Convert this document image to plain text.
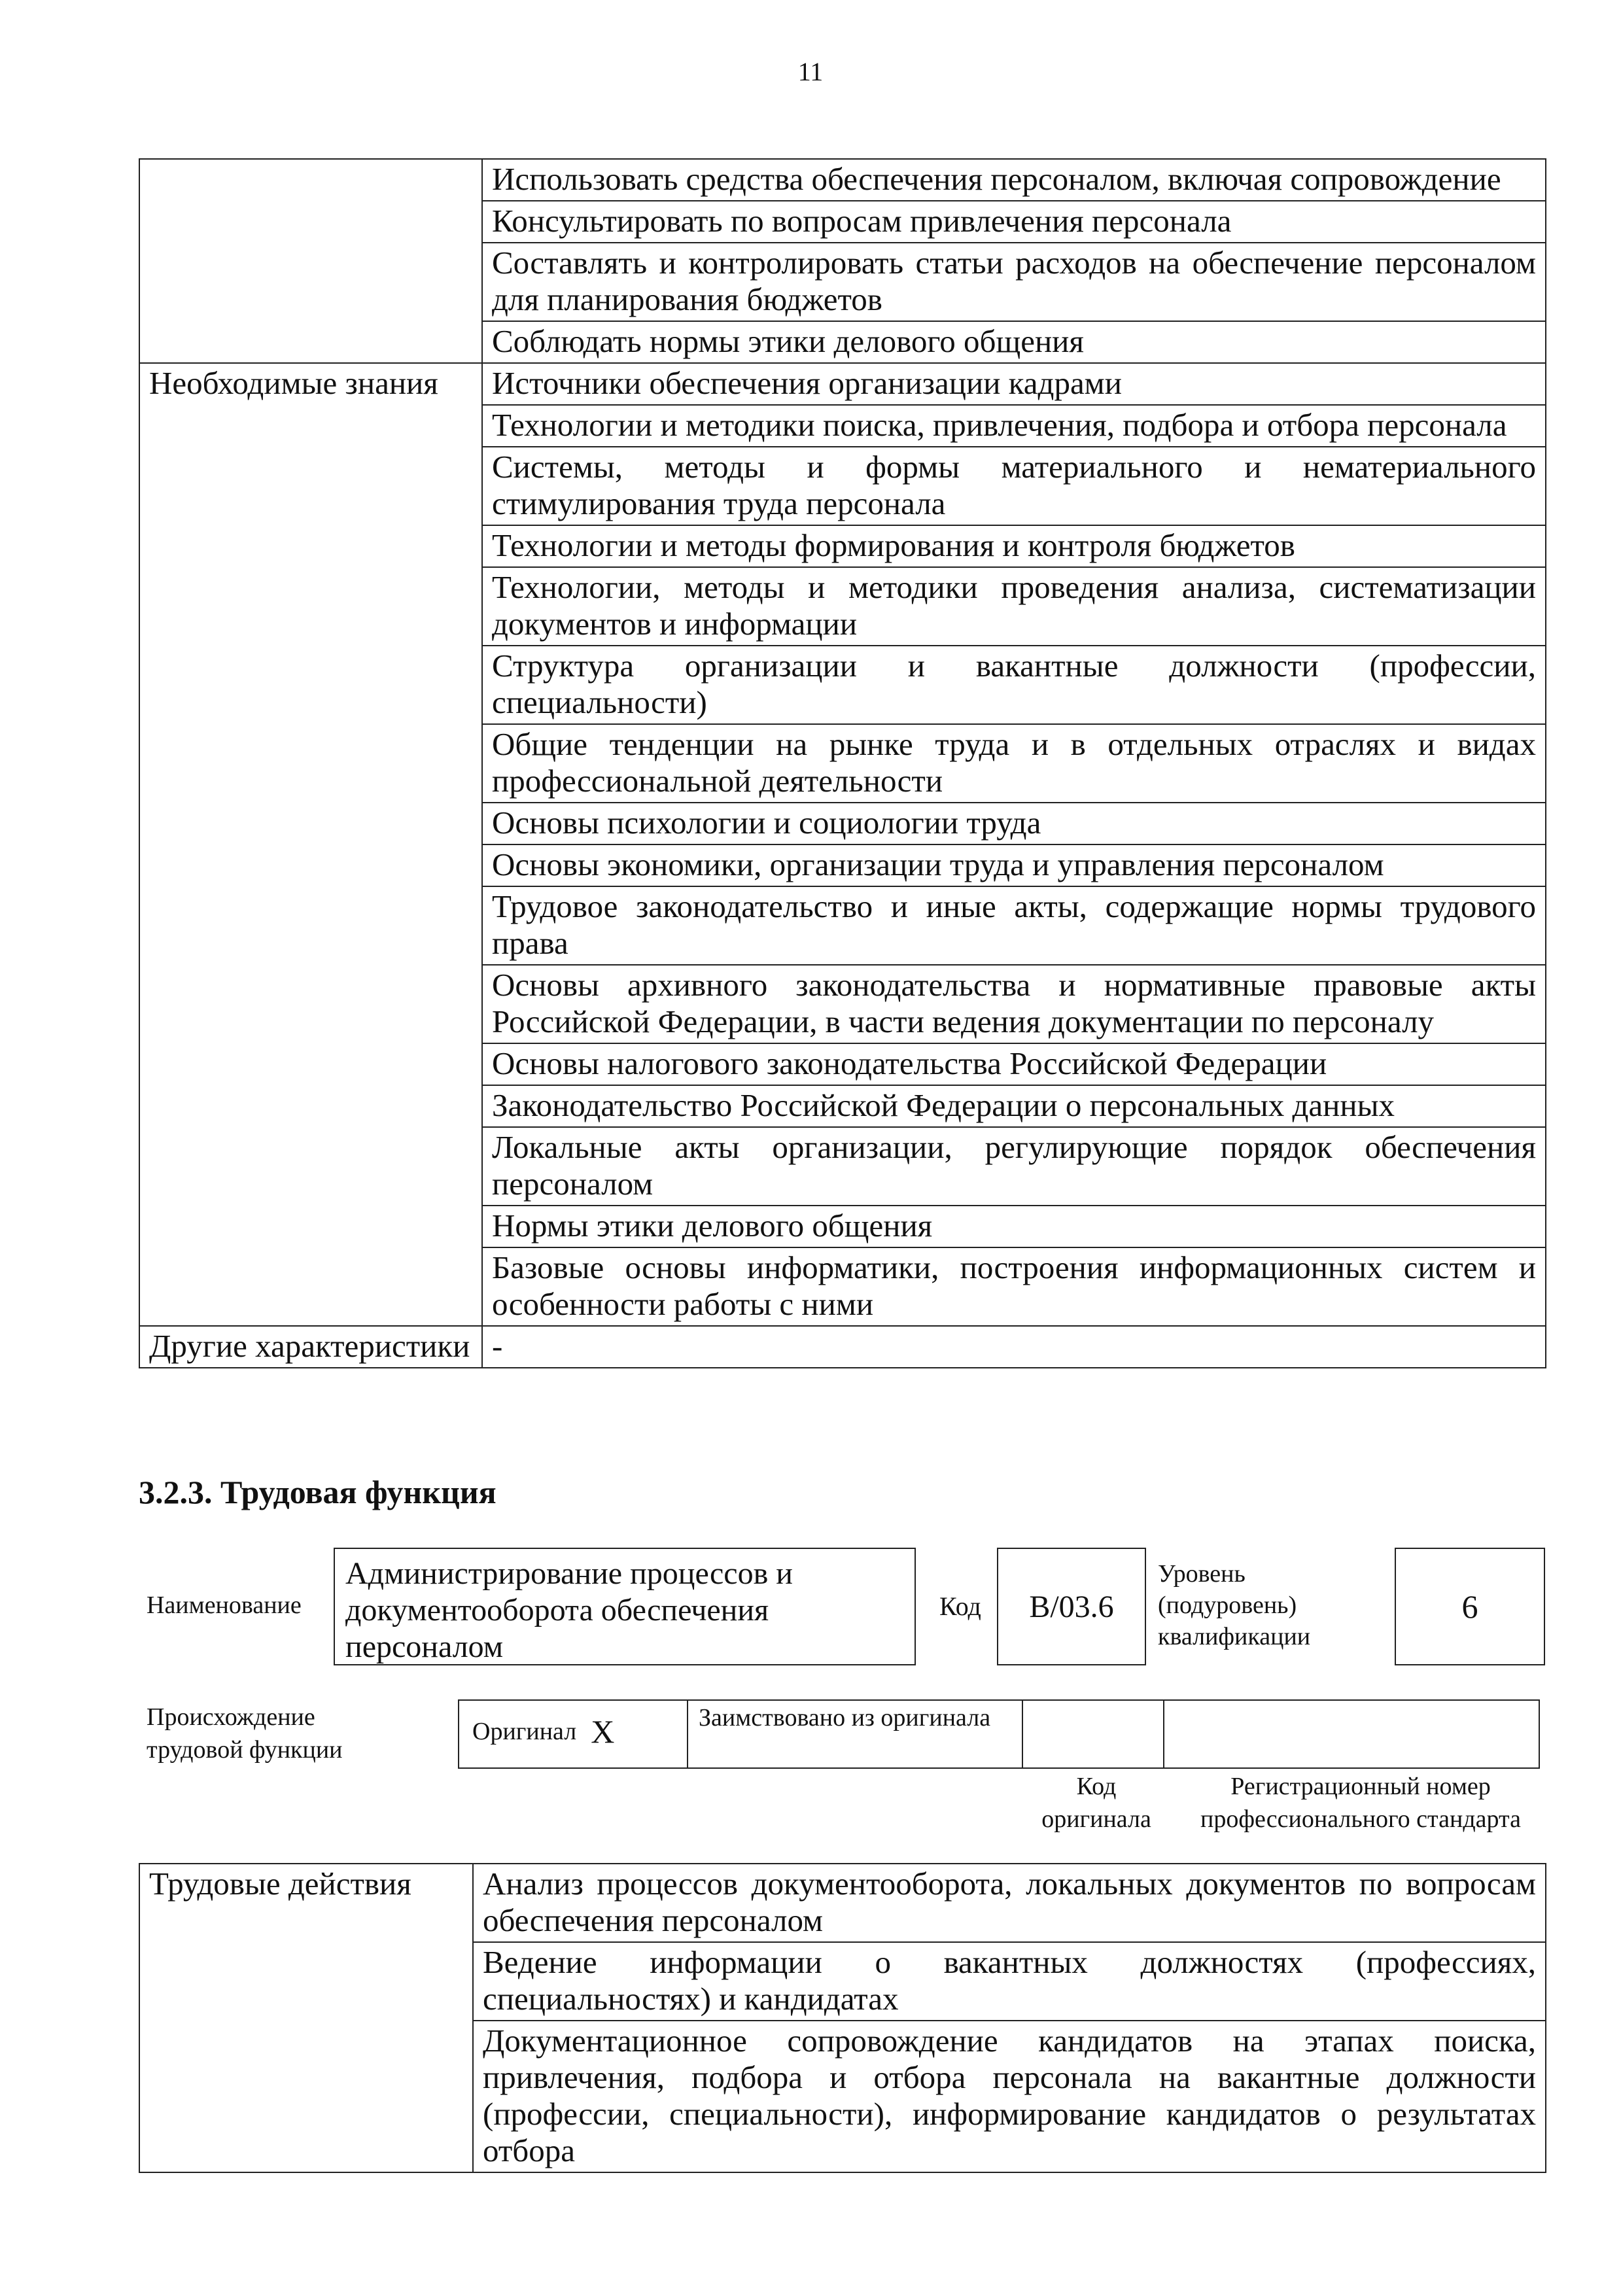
11
	Использовать средства обеспечения персоналом, включая сопровождение
	Консультировать по вопросам привлечения персонала
	Составлять и контролировать статьи расходов на обеспечение персоналом для планирования бюджетов
	Соблюдать нормы этики делового общения
Необходимые знания	Источники обеспечения организации кадрами
	Технологии и методики поиска, привлечения, подбора и отбора персонала
	Системы, методы и формы материального и нематериального стимулирования труда персонала
	Технологии и методы формирования и контроля бюджетов
	Технологии, методы и методики проведения анализа, систематизации документов и информации
	Структура организации и вакантные должности (профессии, специальности)
	Общие тенденции на рынке труда и в отдельных отраслях и видах профессиональной деятельности
	Основы психологии и социологии труда
	Основы экономики, организации труда и управления персоналом
	Трудовое законодательство и иные акты, содержащие нормы трудового права
	Основы архивного законодательства и нормативные правовые акты Российской Федерации, в части ведения документации по персоналу
	Основы налогового законодательства Российской Федерации
	Законодательство Российской Федерации о персональных данных
	Локальные акты организации, регулирующие порядок обеспечения персоналом
	Нормы этики делового общения
	Базовые основы информатики, построения информационных систем и особенности работы с ними
Другие характеристики	-
3.2.3. Трудовая функция
Наименование
Администрирование процессов и документооборота обеспечения персоналом
Код	B/03.6
Уровень (подуровень) квалификации
6
Происхождение трудовой функции
Оригинал X	Заимствовано из оригинала		
Код оригинала
Регистрационный номер профессионального стандарта
Трудовые действия	Анализ процессов документооборота, локальных документов по вопросам обеспечения персоналом
Ведение информации о вакантных должностях (профессиях, специальностях) и кандидатах
Документационное сопровождение кандидатов на этапах поиска, привлечения, подбора и отбора персонала на вакантные должности (профессии, специальности), информирование кандидатов о результатах отбора
